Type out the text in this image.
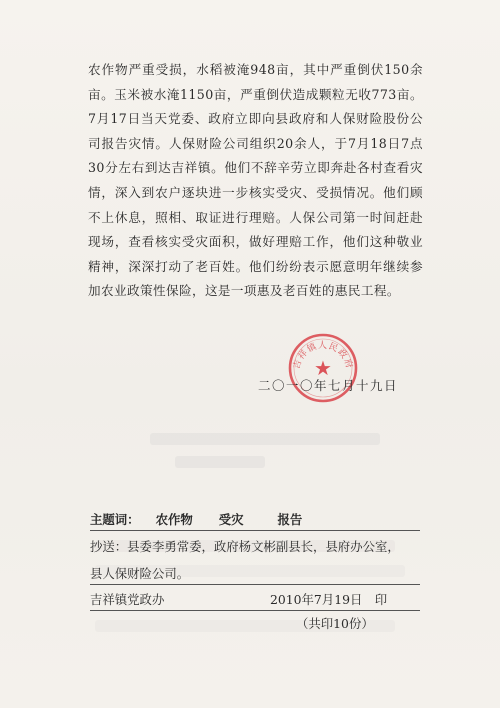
农作物严重受损，水稻被淹948亩，其中严重倒伏150余亩。玉米被水淹1150亩，严重倒伏造成颗粒无收773亩。7月17日当天党委、政府立即向县政府和人保财险股份公司报告灾情。人保财险公司组织20余人，于7月18日7点30分左右到达吉祥镇。他们不辞辛劳立即奔赴各村查看灾情，深入到农户逐块进一步核实受灾、受损情况。他们顾不上休息，照相、取证进行理赔。人保公司第一时间赶赴现场，查看核实受灾面积，做好理赔工作，他们这种敬业精神，深深打动了老百姓。他们纷纷表示愿意明年继续参加农业政策性保险，这是一项惠及老百姓的惠民工程。

★
吉祥镇人民政府
二〇一〇年七月十九日
主题词： 农作物 受灾	报告
抄送：县委李勇常委，政府杨文彬副县长，县府办公室，
县人保财险公司。
吉祥镇党政办	2010年7月19日　印
（共印10份）
